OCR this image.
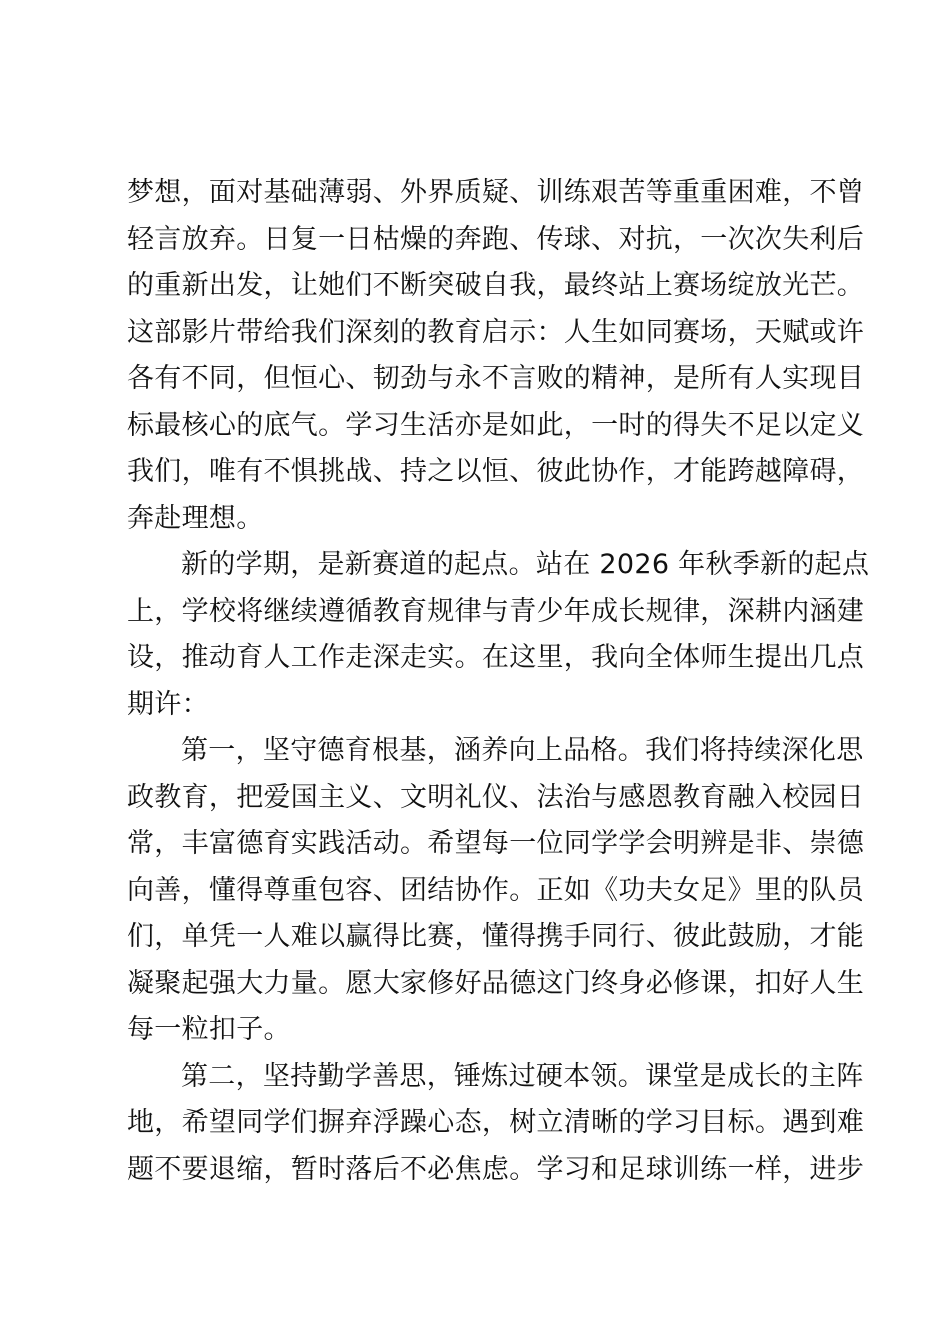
梦想，面对基础薄弱、外界质疑、训练艰苦等重重困难，不曾
轻言放弃。日复一日枯燥的奔跑、传球、对抗，一次次失利后
的重新出发，让她们不断突破自我，最终站上赛场绽放光芒。
这部影片带给我们深刻的教育启示：人生如同赛场，天赋或许
各有不同，但恒心、韧劲与永不言败的精神，是所有人实现目
标最核心的底气。学习生活亦是如此，一时的得失不足以定义
我们，唯有不惧挑战、持之以恒、彼此协作，才能跨越障碍，
奔赴理想。
新的学期，是新赛道的起点。站在 2026 年秋季新的起点
上，学校将继续遵循教育规律与青少年成长规律，深耕内涵建
设，推动育人工作走深走实。在这里，我向全体师生提出几点
期许：
第一，坚守德育根基，涵养向上品格。我们将持续深化思
政教育，把爱国主义、文明礼仪、法治与感恩教育融入校园日
常，丰富德育实践活动。希望每一位同学学会明辨是非、崇德
向善，懂得尊重包容、团结协作。正如《功夫女足》里的队员
们，单凭一人难以赢得比赛，懂得携手同行、彼此鼓励，才能
凝聚起强大力量。愿大家修好品德这门终身必修课，扣好人生
每一粒扣子。
第二，坚持勤学善思，锤炼过硬本领。课堂是成长的主阵
地，希望同学们摒弃浮躁心态，树立清晰的学习目标。遇到难
题不要退缩，暂时落后不必焦虑。学习和足球训练一样，进步
